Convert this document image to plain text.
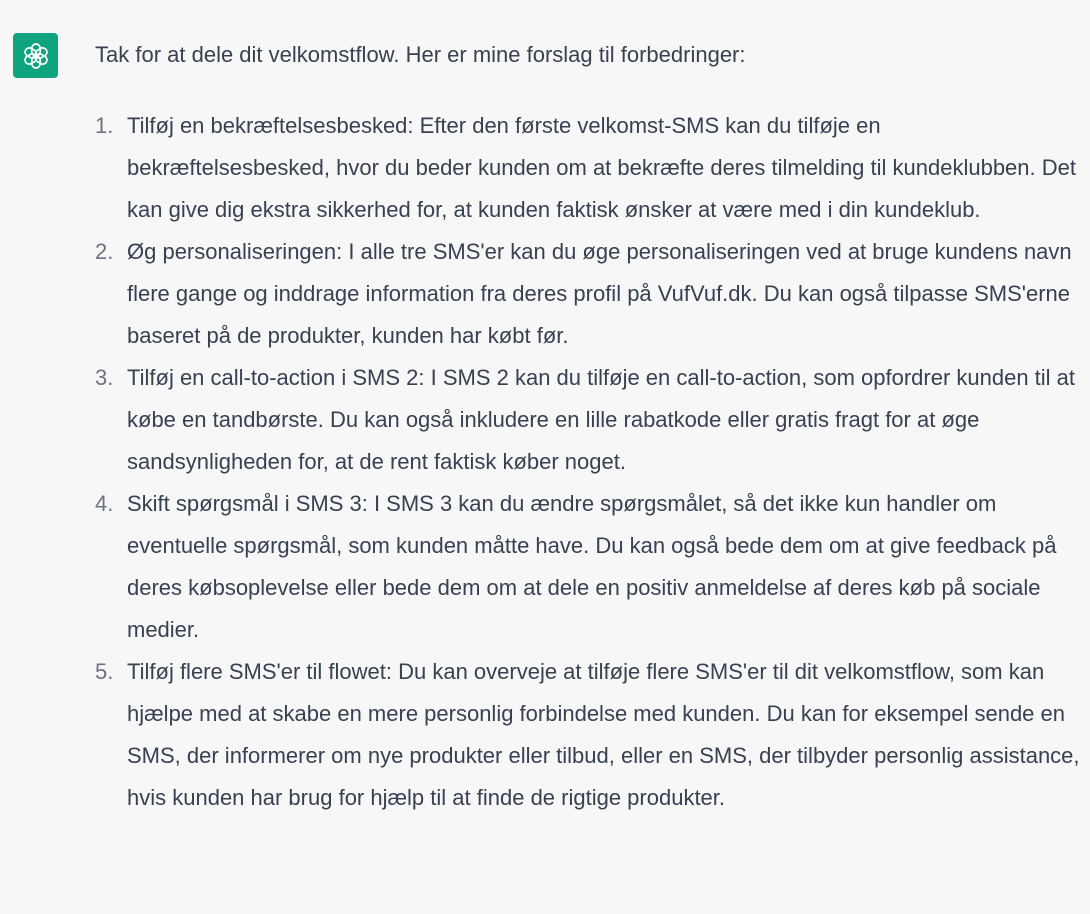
Tak for at dele dit velkomstflow. Her er mine forslag til forbedringer:

1. Tilføj en bekræftelsesbesked: Efter den første velkomst-SMS kan du tilføje en bekræftelsesbesked, hvor du beder kunden om at bekræfte deres tilmelding til kundeklubben. Det kan give dig ekstra sikkerhed for, at kunden faktisk ønsker at være med i din kundeklub.
2. Øg personaliseringen: I alle tre SMS'er kan du øge personaliseringen ved at bruge kundens navn flere gange og inddrage information fra deres profil på VufVuf.dk. Du kan også tilpasse SMS'erne baseret på de produkter, kunden har købt før.
3. Tilføj en call-to-action i SMS 2: I SMS 2 kan du tilføje en call-to-action, som opfordrer kunden til at købe en tandbørste. Du kan også inkludere en lille rabatkode eller gratis fragt for at øge sandsynligheden for, at de rent faktisk køber noget.
4. Skift spørgsmål i SMS 3: I SMS 3 kan du ændre spørgsmålet, så det ikke kun handler om eventuelle spørgsmål, som kunden måtte have. Du kan også bede dem om at give feedback på deres købsoplevelse eller bede dem om at dele en positiv anmeldelse af deres køb på sociale medier.
5. Tilføj flere SMS'er til flowet: Du kan overveje at tilføje flere SMS'er til dit velkomstflow, som kan hjælpe med at skabe en mere personlig forbindelse med kunden. Du kan for eksempel sende en SMS, der informerer om nye produkter eller tilbud, eller en SMS, der tilbyder personlig assistance, hvis kunden har brug for hjælp til at finde de rigtige produkter.
